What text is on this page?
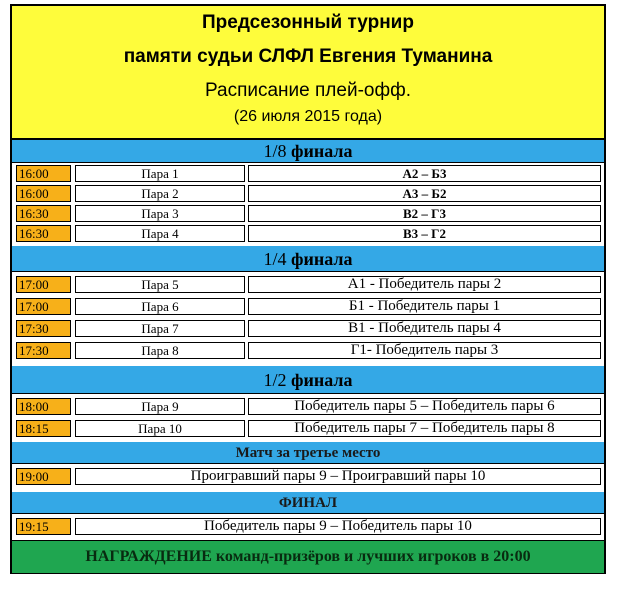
Предсезонный турнир
памяти судьи СЛФЛ Евгения Туманина
Расписание плей-офф.
(26 июля 2015 года)
1/8 финала
16:00	Пара 1	А2 – Б3
16:00	Пара 2	А3 – Б2
16:30	Пара 3	В2 – Г3
16:30	Пара 4	В3 – Г2
1/4 финала
17:00	Пара 5	А1 - Победитель пары 2
17:00	Пара 6	Б1 - Победитель пары 1
17:30	Пара 7	В1 - Победитель пары 4
17:30	Пара 8	Г1- Победитель пары 3
1/2 финала
18:00	Пара 9	Победитель пары 5 – Победитель пары 6
18:15	Пара 10	Победитель пары 7 – Победитель пары 8
Матч за третье место
19:00	Проигравший пары 9 – Проигравший пары 10
ФИНАЛ
19:15	Победитель пары 9 – Победитель пары 10
НАГРАЖДЕНИЕ команд-призёров и лучших игроков в 20:00
